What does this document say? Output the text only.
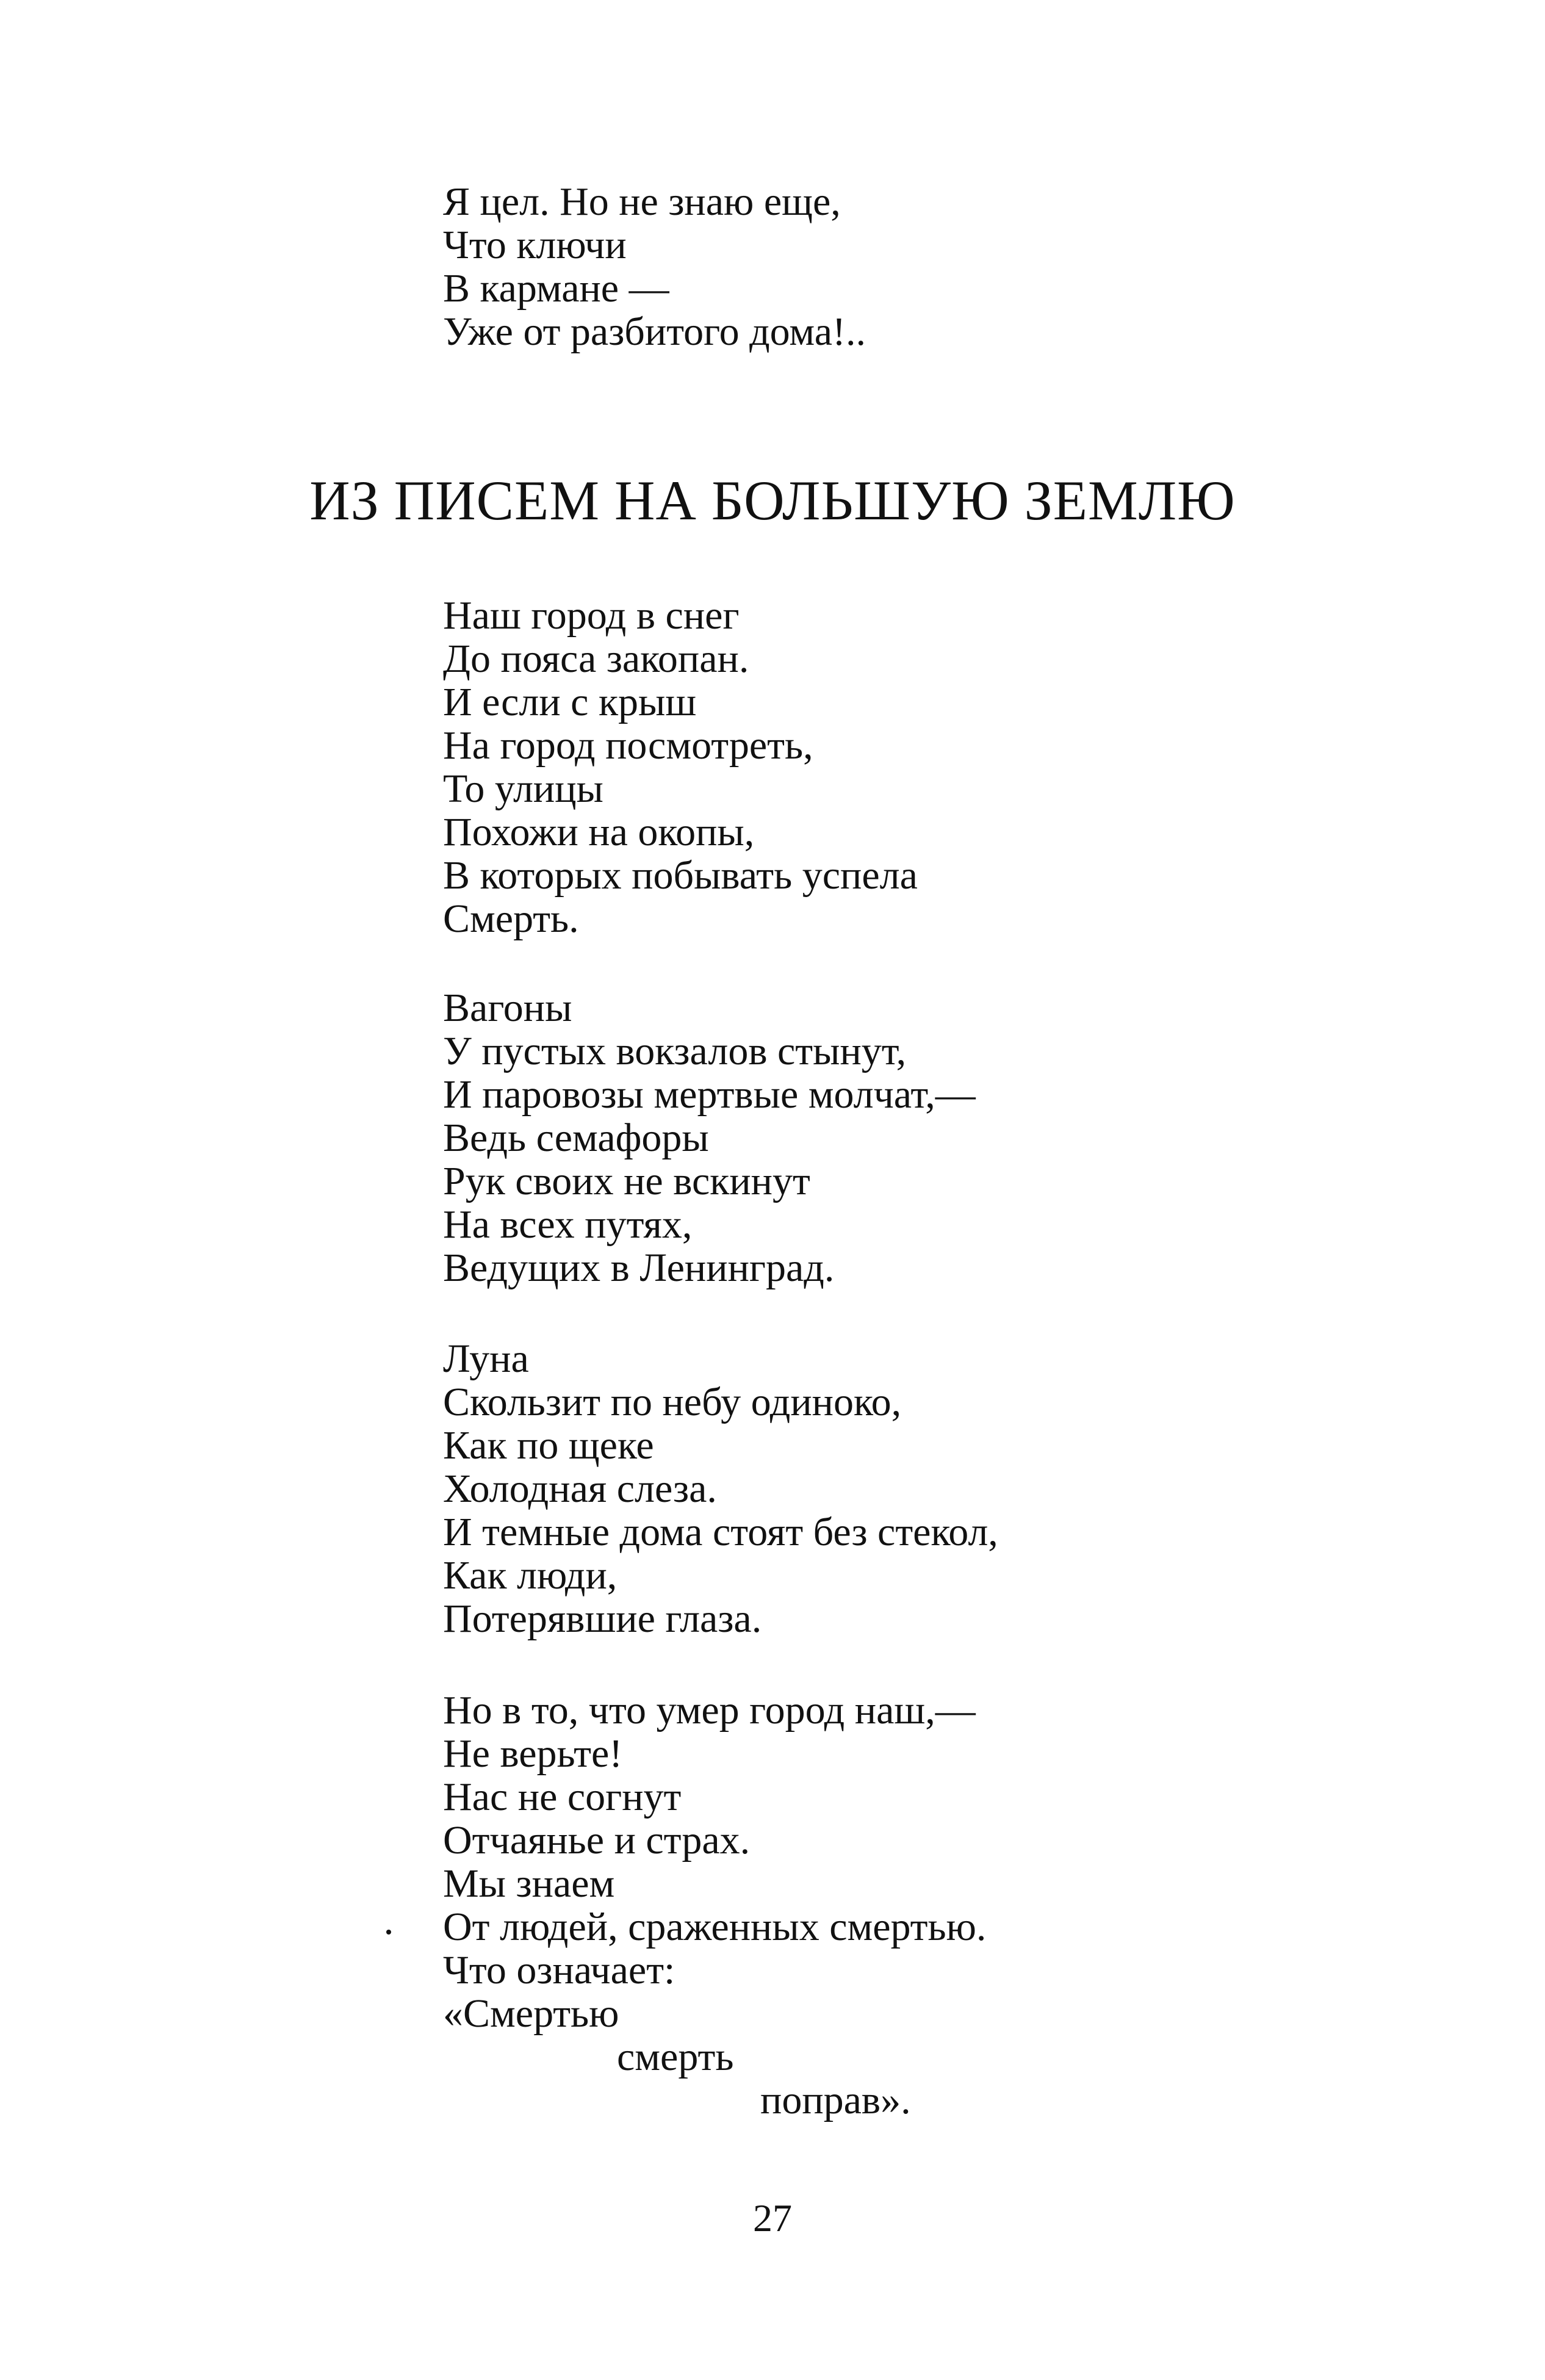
Я цел. Но не знаю еще,
Что ключи
В кармане —
Уже от разбитого дома!..
ИЗ ПИСЕМ НА БОЛЬШУЮ ЗЕМЛЮ
Наш город в снег
До пояса закопан.
И если с крыш
На город посмотреть,
То улицы
Похожи на окопы,
В которых побывать успела
Смерть.
Вагоны
У пустых вокзалов стынут,
И паровозы мертвые молчат,—
Ведь семафоры
Рук своих не вскинут
На всех путях,
Ведущих в Ленинград.
Луна
Скользит по небу одиноко,
Как по щеке
Холодная слеза.
И темные дома стоят без стекол,
Как люди,
Потерявшие глаза.
Но в то, что умер город наш,—
Не верьте!
Нас не согнут
Отчаянье и страх.
Мы знаем
От людей, сраженных смертью.
Что означает:
«Смертью
смерть
поправ».
27
